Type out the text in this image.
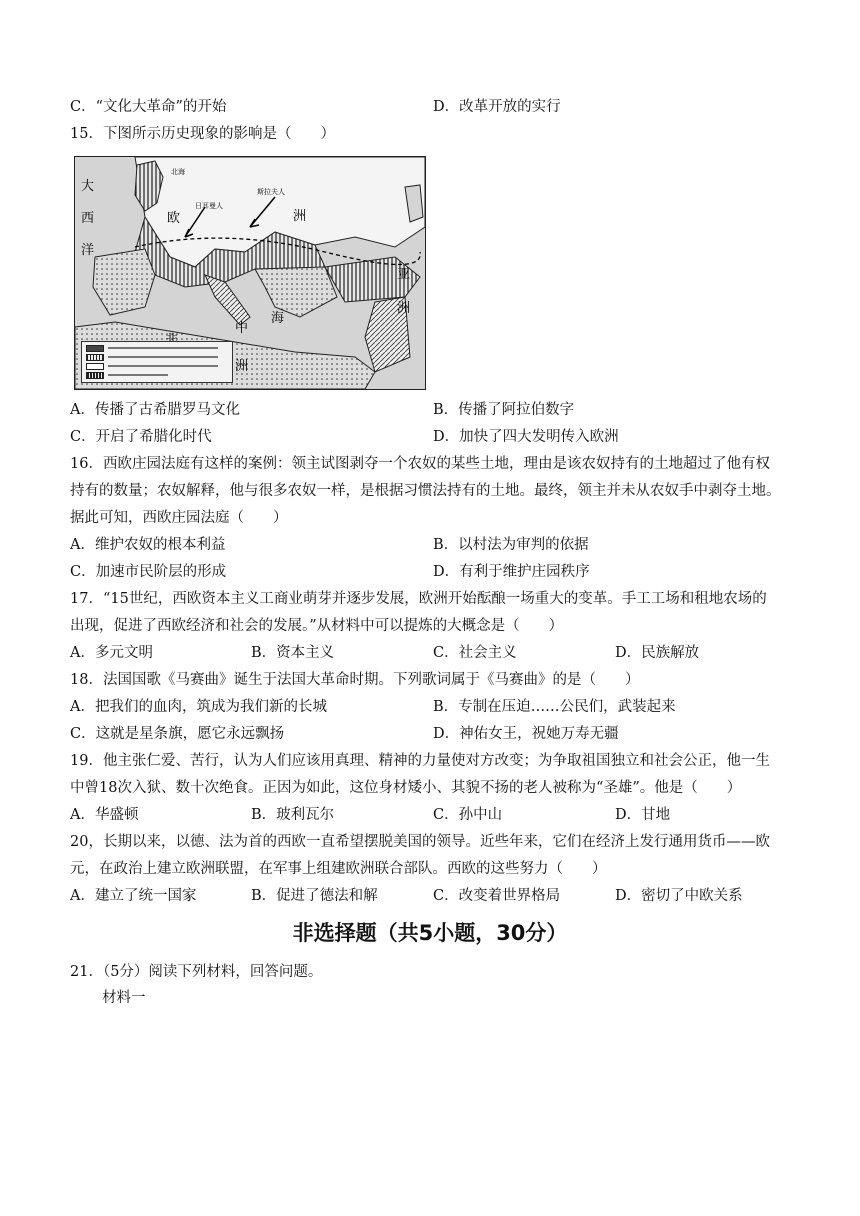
C．“文化大革命”的开始	D．改革开放的实行
15．下图所示历史现象的影响是（　　）
日耳曼人
斯拉夫人
北海
大
西
洋
欧	洲
洲
亚
洲
中
海
A．传播了古希腊罗马文化	B．传播了阿拉伯数字
C．开启了希腊化时代	D．加快了四大发明传入欧洲
16．西欧庄园法庭有这样的案例：领主试图剥夺一个农奴的某些土地，理由是该农奴持有的土地超过了他有权
持有的数量；农奴解释，他与很多农奴一样，是根据习惯法持有的土地。最终，领主并未从农奴手中剥夺土地。
据此可知，西欧庄园法庭（　　）
A．维护农奴的根本利益	B．以村法为审判的依据
C．加速市民阶层的形成	D．有利于维护庄园秩序
17．“15世纪，西欧资本主义工商业萌芽并逐步发展，欧洲开始酝酿一场重大的变革。手工工场和租地农场的
出现，促进了西欧经济和社会的发展。”从材料中可以提炼的大概念是（　　）
A．多元文明	B．资本主义	C．社会主义	D．民族解放
18．法国国歌《马赛曲》诞生于法国大革命时期。下列歌词属于《马赛曲》的是（　　）
A．把我们的血肉，筑成为我们新的长城	B．专制在压迫……公民们，武装起来
C．这就是星条旗，愿它永远飘扬	D．神佑女王，祝她万寿无疆
19．他主张仁爱、苦行，认为人们应该用真理、精神的力量使对方改变；为争取祖国独立和社会公正，他一生
中曾18次入狱、数十次绝食。正因为如此，这位身材矮小、其貌不扬的老人被称为“圣雄”。他是（　　）
A．华盛顿	B．玻利瓦尔	C．孙中山	D．甘地
20，长期以来，以德、法为首的西欧一直希望摆脱美国的领导。近些年来，它们在经济上发行通用货币——欧
元，在政治上建立欧洲联盟，在军事上组建欧洲联合部队。西欧的这些努力（　　）
A．建立了统一国家	B．促进了德法和解	C．改变着世界格局	D．密切了中欧关系
非选择题（共5小题，30分）
21．（5分）阅读下列材料，回答问题。
材料一
